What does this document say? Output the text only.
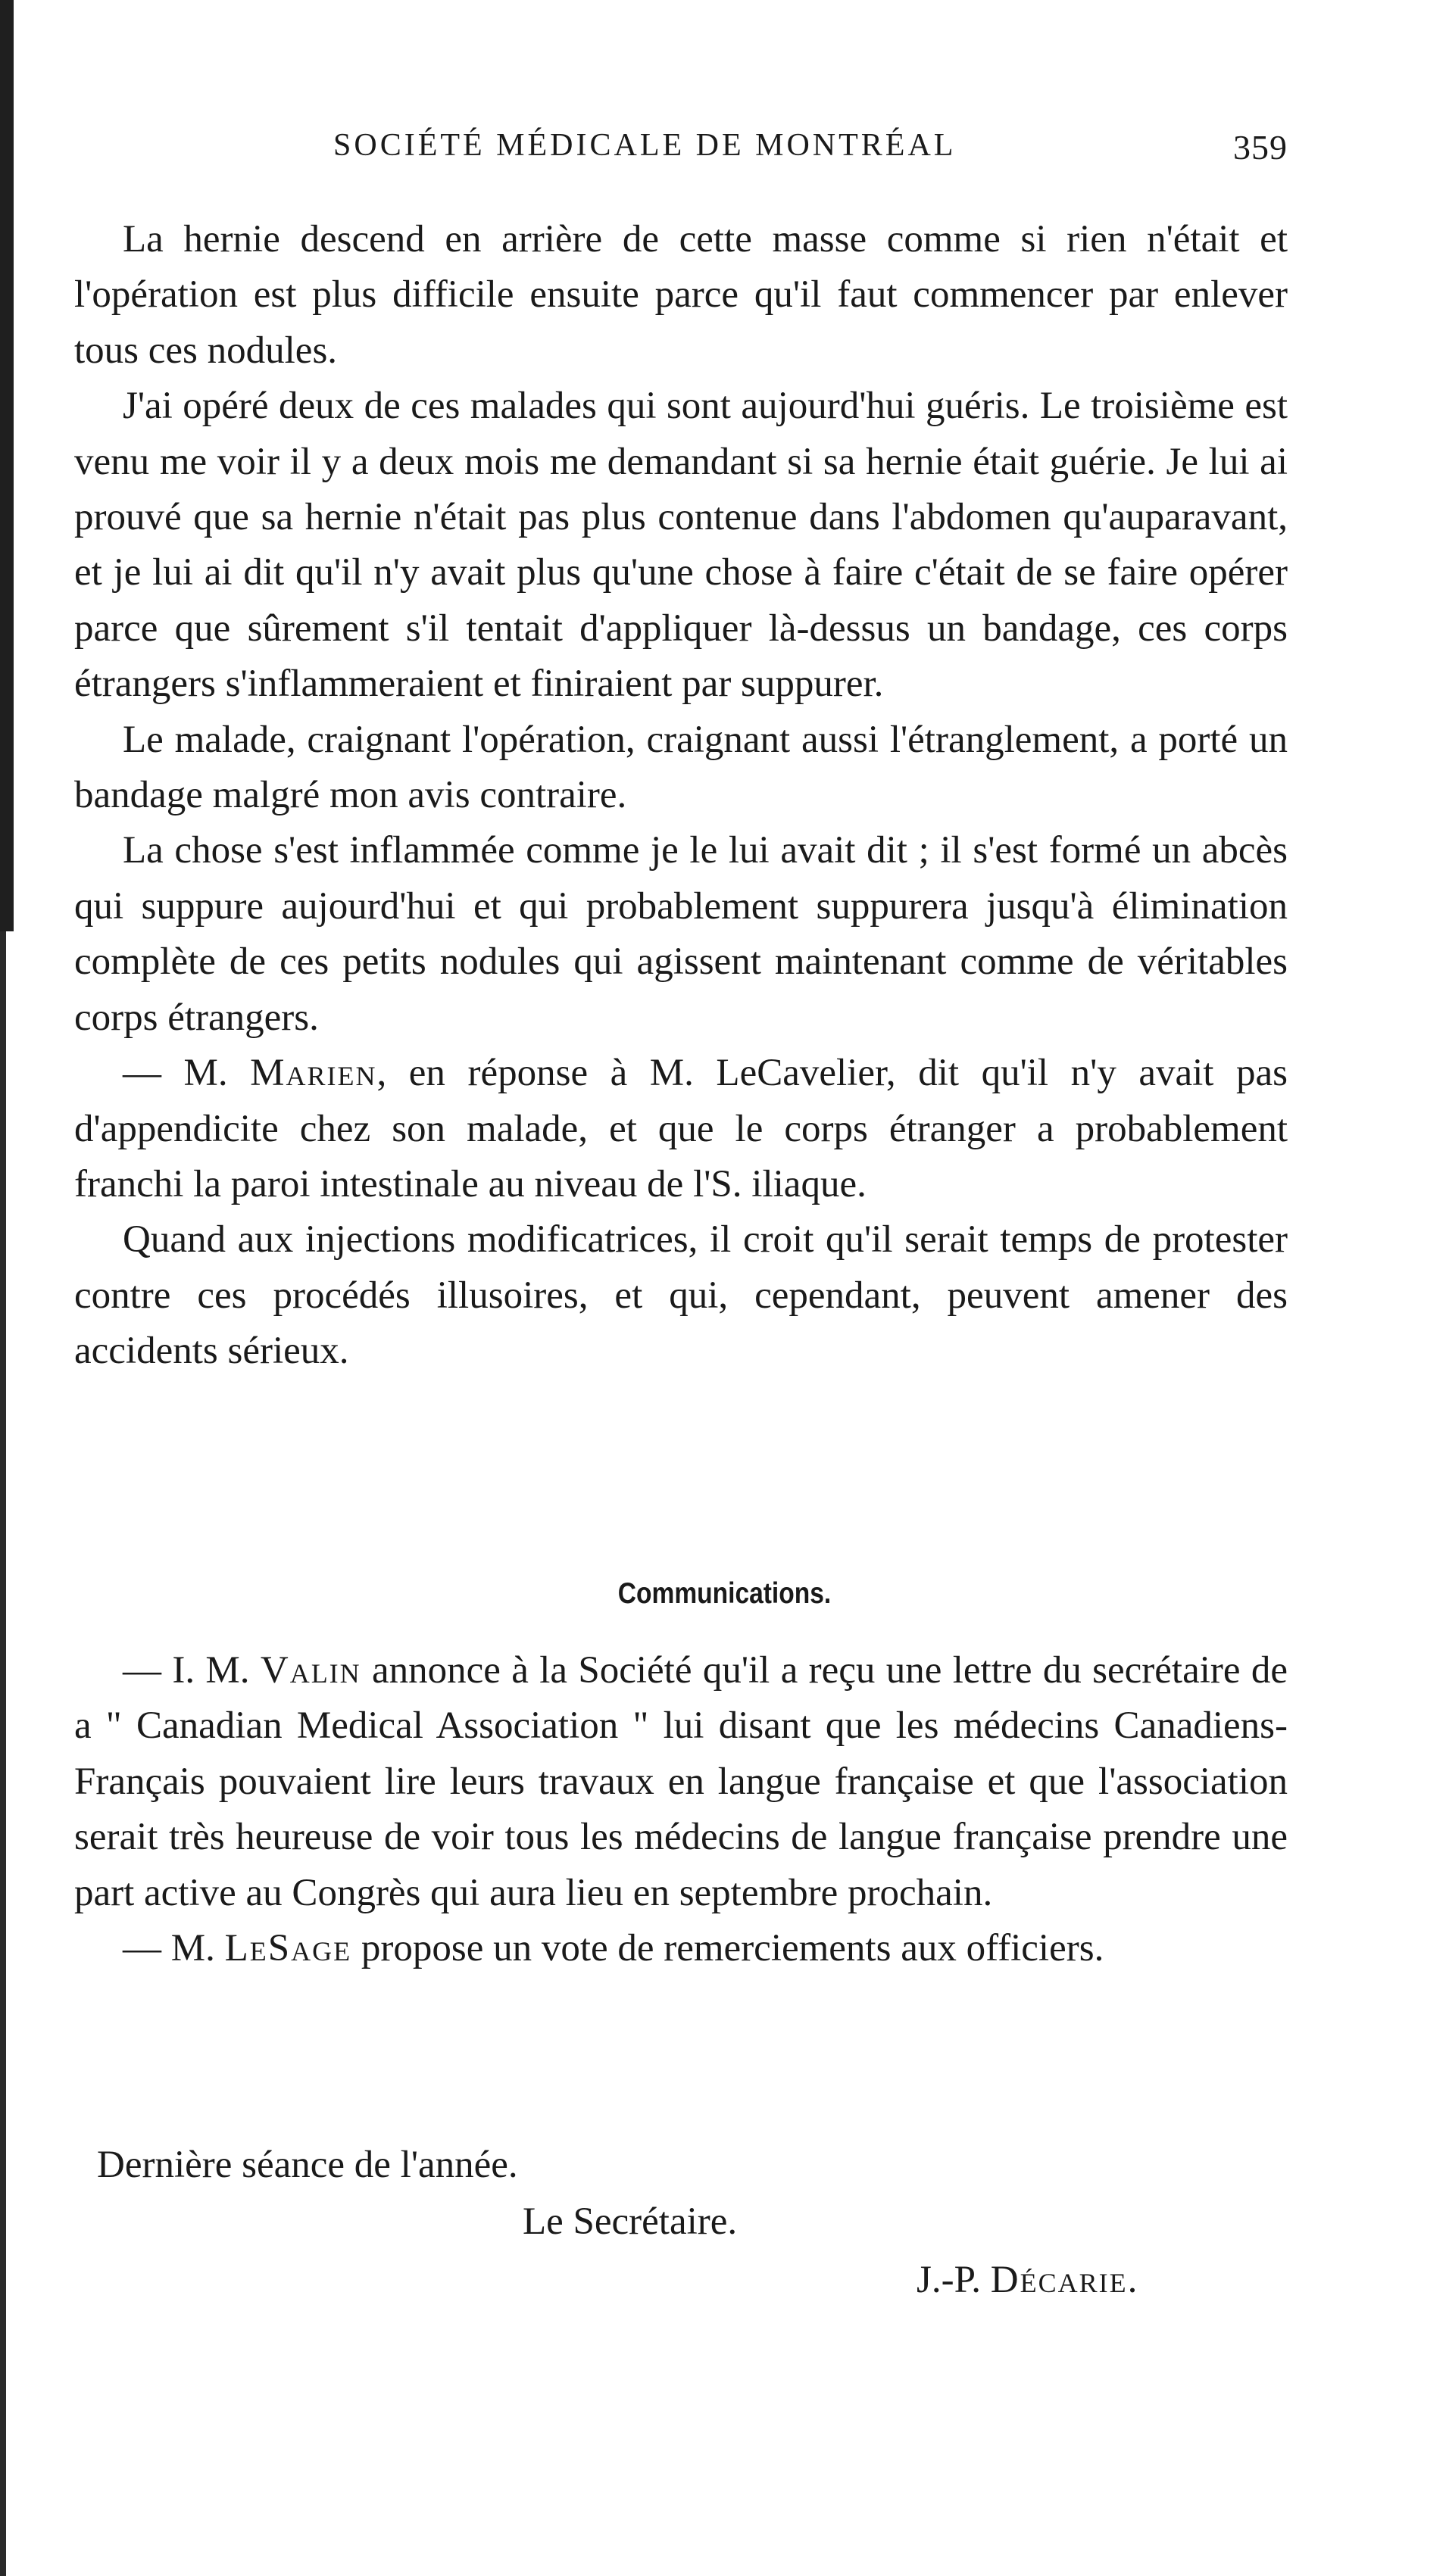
SOCIÉTÉ MÉDICALE DE MONTRÉAL	359

La hernie descend en arrière de cette masse comme si rien n'était et l'opération est plus difficile ensuite parce qu'il faut commencer par enlever tous ces nodules.

J'ai opéré deux de ces malades qui sont aujourd'hui guéris. Le troisième est venu me voir il y a deux mois me demandant si sa hernie était guérie. Je lui ai prouvé que sa hernie n'était pas plus contenue dans l'abdomen qu'auparavant, et je lui ai dit qu'il n'y avait plus qu'une chose à faire c'était de se faire opérer parce que sûrement s'il tentait d'appliquer là-dessus un bandage, ces corps étrangers s'inflammeraient et finiraient par suppurer.

Le malade, craignant l'opération, craignant aussi l'étranglement, a porté un bandage malgré mon avis contraire.

La chose s'est inflammée comme je le lui avait dit ; il s'est formé un abcès qui suppure aujourd'hui et qui probablement suppurera jusqu'à élimination complète de ces petits nodules qui agissent maintenant comme de véritables corps étrangers.

— M. Marien, en réponse à M. LeCavelier, dit qu'il n'y avait pas d'appendicite chez son malade, et que le corps étranger a probablement franchi la paroi intestinale au niveau de l'S. iliaque.

Quand aux injections modificatrices, il croit qu'il serait temps de protester contre ces procédés illusoires, et qui, cependant, peuvent amener des accidents sérieux.

Communications.

— I. M. Valin annonce à la Société qu'il a reçu une lettre du secrétaire de a " Canadian Medical Association " lui disant que les médecins Canadiens-Français pouvaient lire leurs travaux en langue française et que l'association serait très heureuse de voir tous les médecins de langue française prendre une part active au Congrès qui aura lieu en septembre prochain.

— M. LeSage propose un vote de remerciements aux officiers.

Dernière séance de l'année.
Le Secrétaire.
J.-P. Décarie.
